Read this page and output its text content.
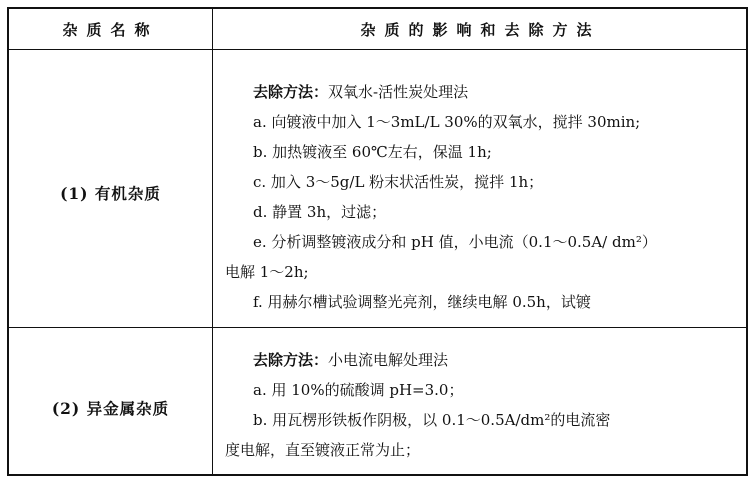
杂质名称	杂质的影响和去除方法
(1) 有机杂质
去除方法：双氧水-活性炭处理法
a. 向镀液中加入 1～3mL/L 30%的双氧水，搅拌 30min;
b. 加热镀液至 60℃左右，保温 1h;
c. 加入 3～5g/L 粉末状活性炭，搅拌 1h；
d. 静置 3h，过滤；
e. 分析调整镀液成分和 pH 值，小电流（0.1～0.5A/ dm²）
电解 1～2h;
f. 用赫尔槽试验调整光亮剂，继续电解 0.5h，试镀
(2) 异金属杂质
去除方法：小电流电解处理法
a. 用 10%的硫酸调 pH=3.0；
b. 用瓦楞形铁板作阴极，以 0.1～0.5A/dm²的电流密
度电解，直至镀液正常为止；
